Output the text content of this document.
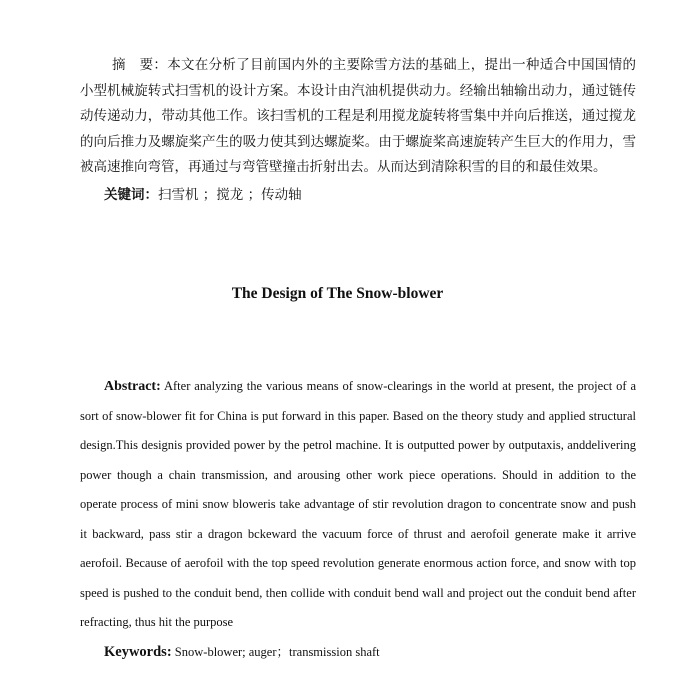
摘　要：本文在分析了目前国内外的主要除雪方法的基础上，提出一种适合中国国情的小型机械旋转式扫雪机的设计方案。本设计由汽油机提供动力。经输出轴输出动力，通过链传动传递动力，带动其他工作。该扫雪机的工程是利用搅龙旋转将雪集中并向后推送，通过搅龙的向后推力及螺旋桨产生的吸力使其到达螺旋桨。由于螺旋桨高速旋转产生巨大的作用力，雪被高速推向弯管，再通过与弯管壁撞击折射出去。从而达到清除积雪的目的和最佳效果。

关键词：扫雪机 ；搅龙 ；传动轴

The Design of The Snow-blower

Abstract: After analyzing the various means of snow-clearings in the world at present, the project of a sort of snow-blower fit for China is put forward in this paper. Based on the theory study and applied structural design.This designis provided power by the petrol machine. It is outputted power by outputaxis, anddelivering power though a chain transmission, and arousing other work piece operations. Should in addition to the operate process of mini snow bloweris take advantage of stir revolution dragon to concentrate snow and push it backward, pass stir a dragon bckeward the vacuum force of thrust and aerofoil generate make it arrive aerofoil. Because of aerofoil with the top speed revolution generate enormous action force, and snow with top speed is pushed to the conduit bend, then collide with conduit bend wall and project out the conduit bend after refracting, thus hit the purpose

Keywords: Snow-blower; auger；transmission shaft
